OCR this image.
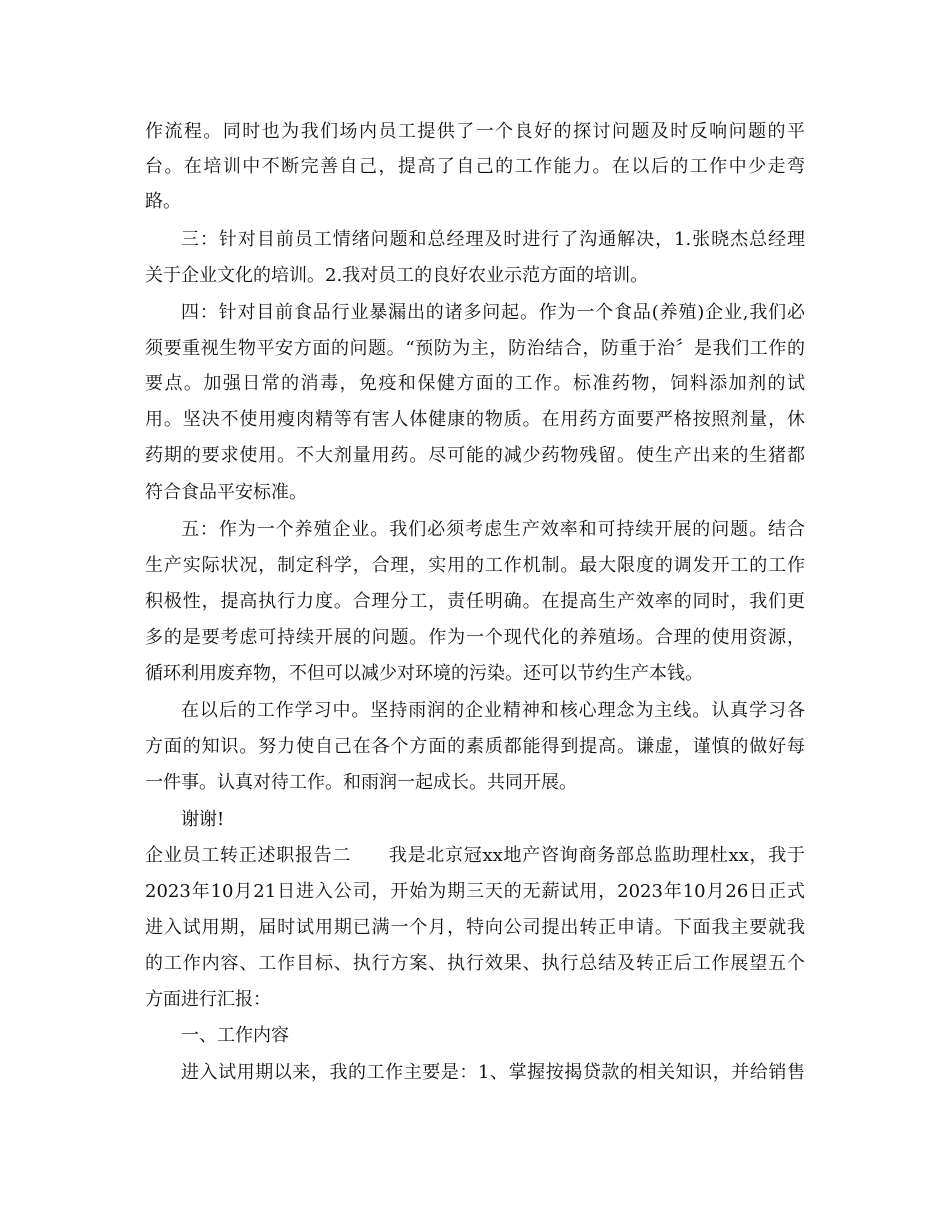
作流程。同时也为我们场内员工提供了一个良好的探讨问题及时反响问题的平
台。在培训中不断完善自己，提高了自己的工作能力。在以后的工作中少走弯
路。
三：针对目前员工情绪问题和总经理及时进行了沟通解决，1.张晓杰总经理
关于企业文化的培训。2.我对员工的良好农业示范方面的培训。
四：针对目前食品行业暴漏出的诸多问起。作为一个食品(养殖)企业,我们必
须要重视生物平安方面的问题。“预防为主，防治结合，防重于治〞是我们工作的
要点。加强日常的消毒，免疫和保健方面的工作。标准药物，饲料添加剂的试
用。坚决不使用瘦肉精等有害人体健康的物质。在用药方面要严格按照剂量，休
药期的要求使用。不大剂量用药。尽可能的减少药物残留。使生产出来的生猪都
符合食品平安标准。
五：作为一个养殖企业。我们必须考虑生产效率和可持续开展的问题。结合
生产实际状况，制定科学，合理，实用的工作机制。最大限度的调发开工的工作
积极性，提高执行力度。合理分工，责任明确。在提高生产效率的同时，我们更
多的是要考虑可持续开展的问题。作为一个现代化的养殖场。合理的使用资源，
循环利用废弃物，不但可以减少对环境的污染。还可以节约生产本钱。
在以后的工作学习中。坚持雨润的企业精神和核心理念为主线。认真学习各
方面的知识。努力使自己在各个方面的素质都能得到提高。谦虚，谨慎的做好每
一件事。认真对待工作。和雨润一起成长。共同开展。
谢谢!
企业员工转正述职报告二　　我是北京冠xx地产咨询商务部总监助理杜xx，我于
2023年10月21日进入公司，开始为期三天的无薪试用，2023年10月26日正式
进入试用期，届时试用期已满一个月，特向公司提出转正申请。下面我主要就我
的工作内容、工作目标、执行方案、执行效果、执行总结及转正后工作展望五个
方面进行汇报：
一、工作内容
进入试用期以来，我的工作主要是：1、掌握按揭贷款的相关知识，并给销售
